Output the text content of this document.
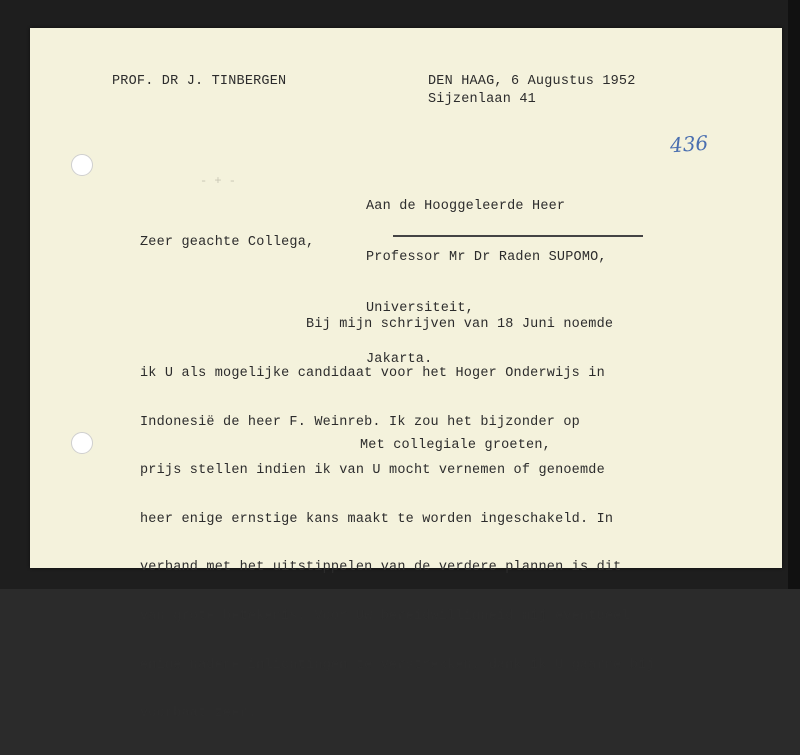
PROF. DR J. TINBERGEN	DEN HAAG, 6 Augustus 1952
Sijzenlaan 41
436
- + -

Aan de Hooggeleerde Heer

Professor Mr Dr Raden SUPOMO,

Universiteit,

Jakarta.

Zeer geachte Collega,

Bij mijn schrijven van 18 Juni noemde

ik U als mogelijke candidaat voor het Hoger Onderwijs in

Indonesië de heer F. Weinreb. Ik zou het bijzonder op

prijs stellen indien ik van U mocht vernemen of genoemde

heer enige ernstige kans maakt te worden ingeschakeld. In

verband met het uitstippelen van de verdere plannen is dit

van grote betekenis. Voor Uw bereidwilligheid mij eventueel

enige nadere inlichtingen te verstrekken, dank ik U gaarne bij

voorbaat zeer.

Met collegiale groeten,
